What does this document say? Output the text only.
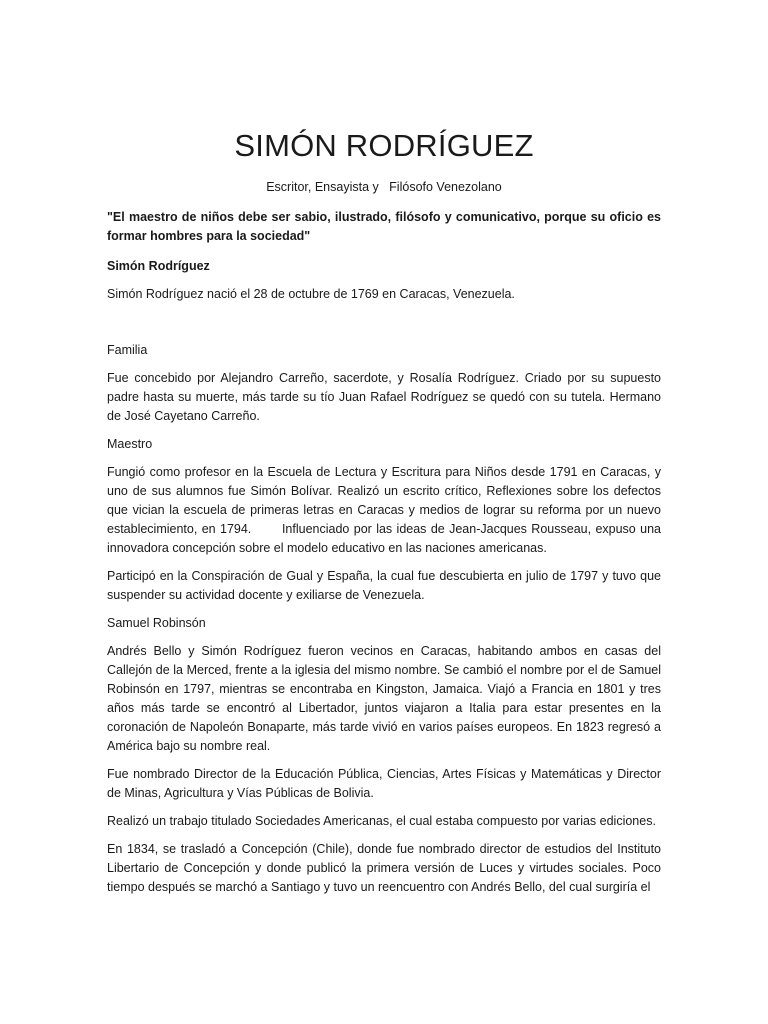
SIMÓN RODRÍGUEZ
Escritor, Ensayista y   Filósofo Venezolano

"El maestro de niños debe ser sabio, ilustrado, filósofo y comunicativo, porque su oficio es formar hombres para la sociedad"

Simón Rodríguez

Simón Rodríguez nació el 28 de octubre de 1769 en Caracas, Venezuela.

Familia

Fue concebido por Alejandro Carreño, sacerdote, y Rosalía Rodríguez. Criado por su supuesto padre hasta su muerte, más tarde su tío Juan Rafael Rodríguez se quedó con su tutela. Hermano de José Cayetano Carreño.

Maestro

Fungió como profesor en la Escuela de Lectura y Escritura para Niños desde 1791 en Caracas, y uno de sus alumnos fue Simón Bolívar. Realizó un escrito crítico, Reflexiones sobre los defectos que vician la escuela de primeras letras en Caracas y medios de lograr su reforma por un nuevo establecimiento, en 1794.       Influenciado por las ideas de Jean-Jacques Rousseau, expuso una innovadora concepción sobre el modelo educativo en las naciones americanas.

Participó en la Conspiración de Gual y España, la cual fue descubierta en julio de 1797 y tuvo que suspender su actividad docente y exiliarse de Venezuela.

Samuel Robinsón

Andrés Bello y Simón Rodríguez fueron vecinos en Caracas, habitando ambos en casas del Callejón de la Merced, frente a la iglesia del mismo nombre. Se cambió el nombre por el de Samuel Robinsón en 1797, mientras se encontraba en Kingston, Jamaica. Viajó a Francia en 1801 y tres años más tarde se encontró al Libertador, juntos viajaron a Italia para estar presentes en la coronación de Napoleón Bonaparte, más tarde vivió en varios países europeos. En 1823 regresó a América bajo su nombre real.

Fue nombrado Director de la Educación Pública, Ciencias, Artes Físicas y Matemáticas y Director de Minas, Agricultura y Vías Públicas de Bolivia.

Realizó un trabajo titulado Sociedades Americanas, el cual estaba compuesto por varias ediciones.

En 1834, se trasladó a Concepción (Chile), donde fue nombrado director de estudios del Instituto Libertario de Concepción y donde publicó la primera versión de Luces y virtudes sociales. Poco tiempo después se marchó a Santiago y tuvo un reencuentro con Andrés Bello, del cual surgiría el
